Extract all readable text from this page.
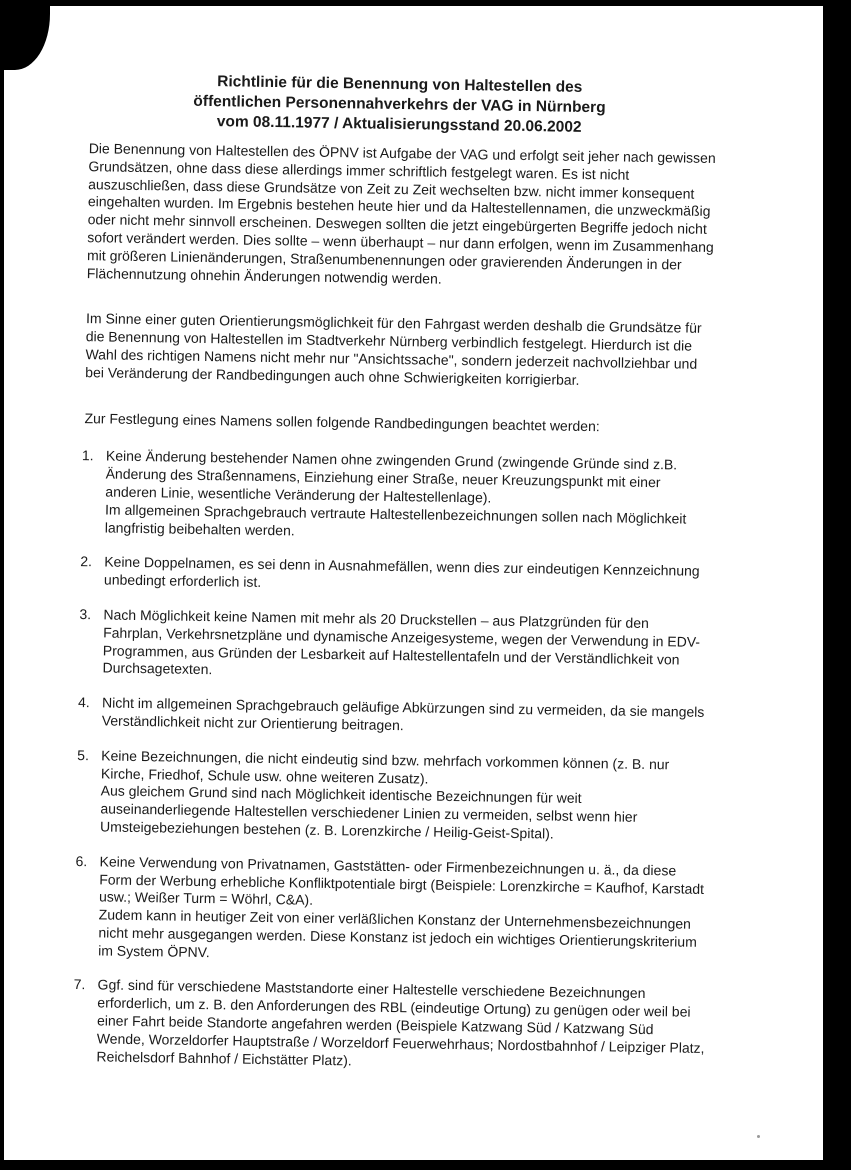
Richtlinie für die Benennung von Haltestellen des
öffentlichen Personennahverkehrs der VAG in Nürnberg
vom 08.11.1977 / Aktualisierungsstand 20.06.2002

Die Benennung von Haltestellen des ÖPNV ist Aufgabe der VAG und erfolgt seit jeher nach gewissen Grundsätzen, ohne dass diese allerdings immer schriftlich festgelegt waren. Es ist nicht auszuschließen, dass diese Grundsätze von Zeit zu Zeit wechselten bzw. nicht immer konsequent eingehalten wurden. Im Ergebnis bestehen heute hier und da Haltestellennamen, die unzweckmäßig oder nicht mehr sinnvoll erscheinen. Deswegen sollten die jetzt eingebürgerten Begriffe jedoch nicht sofort verändert werden. Dies sollte – wenn überhaupt – nur dann erfolgen, wenn im Zusammenhang mit größeren Linienänderungen, Straßenumbenennungen oder gravierenden Änderungen in der Flächennutzung ohnehin Änderungen notwendig werden.

Im Sinne einer guten Orientierungsmöglichkeit für den Fahrgast werden deshalb die Grundsätze für die Benennung von Haltestellen im Stadtverkehr Nürnberg verbindlich festgelegt. Hierdurch ist die Wahl des richtigen Namens nicht mehr nur "Ansichtssache", sondern jederzeit nachvollziehbar und bei Veränderung der Randbedingungen auch ohne Schwierigkeiten korrigierbar.

Zur Festlegung eines Namens sollen folgende Randbedingungen beachtet werden:

1. Keine Änderung bestehender Namen ohne zwingenden Grund (zwingende Gründe sind z.B. Änderung des Straßennamens, Einziehung einer Straße, neuer Kreuzungspunkt mit einer anderen Linie, wesentliche Veränderung der Haltestellenlage).
Im allgemeinen Sprachgebrauch vertraute Haltestellenbezeichnungen sollen nach Möglichkeit langfristig beibehalten werden.
2. Keine Doppelnamen, es sei denn in Ausnahmefällen, wenn dies zur eindeutigen Kennzeichnung unbedingt erforderlich ist.
3. Nach Möglichkeit keine Namen mit mehr als 20 Druckstellen – aus Platzgründen für den Fahrplan, Verkehrsnetzpläne und dynamische Anzeigesysteme, wegen der Verwendung in EDV-Programmen, aus Gründen der Lesbarkeit auf Haltestellentafeln und der Verständlichkeit von Durchsagetexten.
4. Nicht im allgemeinen Sprachgebrauch geläufige Abkürzungen sind zu vermeiden, da sie mangels Verständlichkeit nicht zur Orientierung beitragen.
5. Keine Bezeichnungen, die nicht eindeutig sind bzw. mehrfach vorkommen können (z. B. nur Kirche, Friedhof, Schule usw. ohne weiteren Zusatz).
Aus gleichem Grund sind nach Möglichkeit identische Bezeichnungen für weit auseinanderliegende Haltestellen verschiedener Linien zu vermeiden, selbst wenn hier Umsteigebeziehungen bestehen (z. B. Lorenzkirche / Heilig-Geist-Spital).
6. Keine Verwendung von Privatnamen, Gaststätten- oder Firmenbezeichnungen u. ä., da diese Form der Werbung erhebliche Konfliktpotentiale birgt (Beispiele: Lorenzkirche = Kaufhof, Karstadt usw.; Weißer Turm = Wöhrl, C&A).
Zudem kann in heutiger Zeit von einer verläßlichen Konstanz der Unternehmensbezeichnungen nicht mehr ausgegangen werden. Diese Konstanz ist jedoch ein wichtiges Orientierungskriterium im System ÖPNV.
7. Ggf. sind für verschiedene Maststandorte einer Haltestelle verschiedene Bezeichnungen erforderlich, um z. B. den Anforderungen des RBL (eindeutige Ortung) zu genügen oder weil bei einer Fahrt beide Standorte angefahren werden (Beispiele Katzwang Süd / Katzwang Süd Wende, Worzeldorfer Hauptstraße / Worzeldorf Feuerwehrhaus; Nordostbahnhof / Leipziger Platz, Reichelsdorf Bahnhof / Eichstätter Platz).
